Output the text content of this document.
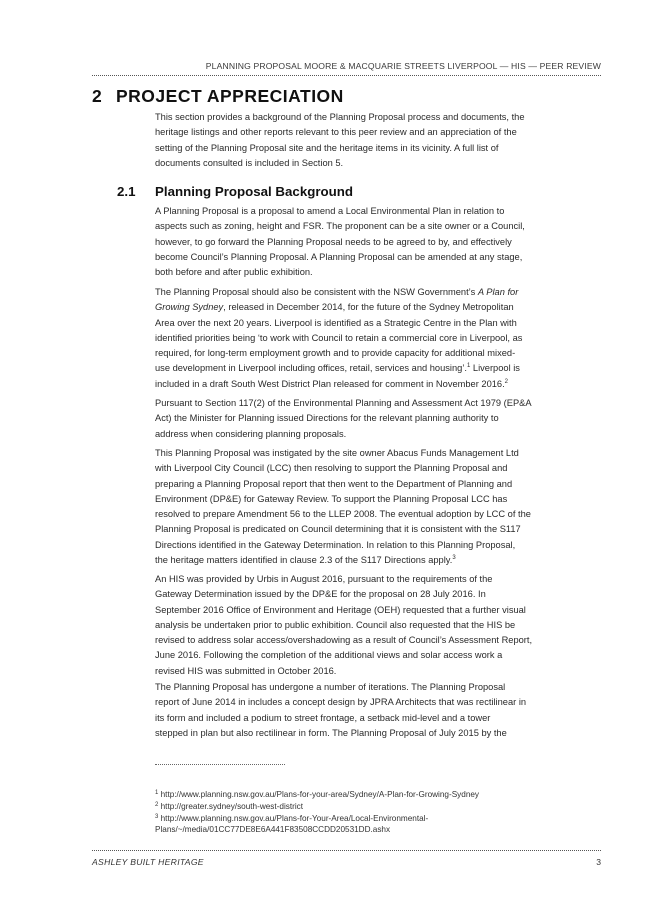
PLANNING PROPOSAL MOORE & MACQUARIE STREETS LIVERPOOL — HIS — PEER REVIEW
2 PROJECT APPRECIATION
This section provides a background of the Planning Proposal process and documents, the
heritage listings and other reports relevant to this peer review and an appreciation of the
setting of the Planning Proposal site and the heritage items in its vicinity. A full list of
documents consulted is included in Section 5.
2.1 Planning Proposal Background
A Planning Proposal is a proposal to amend a Local Environmental Plan in relation to
aspects such as zoning, height and FSR. The proponent can be a site owner or a Council,
however, to go forward the Planning Proposal needs to be agreed to by, and effectively
become Council’s Planning Proposal. A Planning Proposal can be amended at any stage,
both before and after public exhibition.
The Planning Proposal should also be consistent with the NSW Government’s A Plan for
Growing Sydney, released in December 2014, for the future of the Sydney Metropolitan
Area over the next 20 years. Liverpool is identified as a Strategic Centre in the Plan with
identified priorities being ‘to work with Council to retain a commercial core in Liverpool, as
required, for long-term employment growth and to provide capacity for additional mixed-
use development in Liverpool including offices, retail, services and housing’.$^1$ Liverpool is
included in a draft South West District Plan released for comment in November 2016.$^2$
Pursuant to Section 117(2) of the Environmental Planning and Assessment Act 1979 (EP&A
Act) the Minister for Planning issued Directions for the relevant planning authority to
address when considering planning proposals.
This Planning Proposal was instigated by the site owner Abacus Funds Management Ltd
with Liverpool City Council (LCC) then resolving to support the Planning Proposal and
preparing a Planning Proposal report that then went to the Department of Planning and
Environment (DP&E) for Gateway Review. To support the Planning Proposal LCC has
resolved to prepare Amendment 56 to the LLEP 2008. The eventual adoption by LCC of the
Planning Proposal is predicated on Council determining that it is consistent with the S117
Directions identified in the Gateway Determination. In relation to this Planning Proposal,
the heritage matters identified in clause 2.3 of the S117 Directions apply.$^3$
An HIS was provided by Urbis in August 2016, pursuant to the requirements of the
Gateway Determination issued by the DP&E for the proposal on 28 July 2016. In
September 2016 Office of Environment and Heritage (OEH) requested that a further visual
analysis be undertaken prior to public exhibition. Council also requested that the HIS be
revised to address solar access/overshadowing as a result of Council’s Assessment Report,
June 2016. Following the completion of the additional views and solar access work a
revised HIS was submitted in October 2016.
The Planning Proposal has undergone a number of iterations. The Planning Proposal
report of June 2014 in includes a concept design by JPRA Architects that was rectilinear in
its form and included a podium to street frontage, a setback mid-level and a tower
stepped in plan but also rectilinear in form. The Planning Proposal of July 2015 by the
$^1$ http://www.planning.nsw.gov.au/Plans-for-your-area/Sydney/A-Plan-for-Growing-Sydney
$^2$ http://greater.sydney/south-west-district
$^3$ http://www.planning.nsw.gov.au/Plans-for-Your-Area/Local-Environmental-
Plans/~/media/01CC77DE8E6A441F83508CCDD20531DD.ashx
ASHLEY BUILT HERITAGE	3
